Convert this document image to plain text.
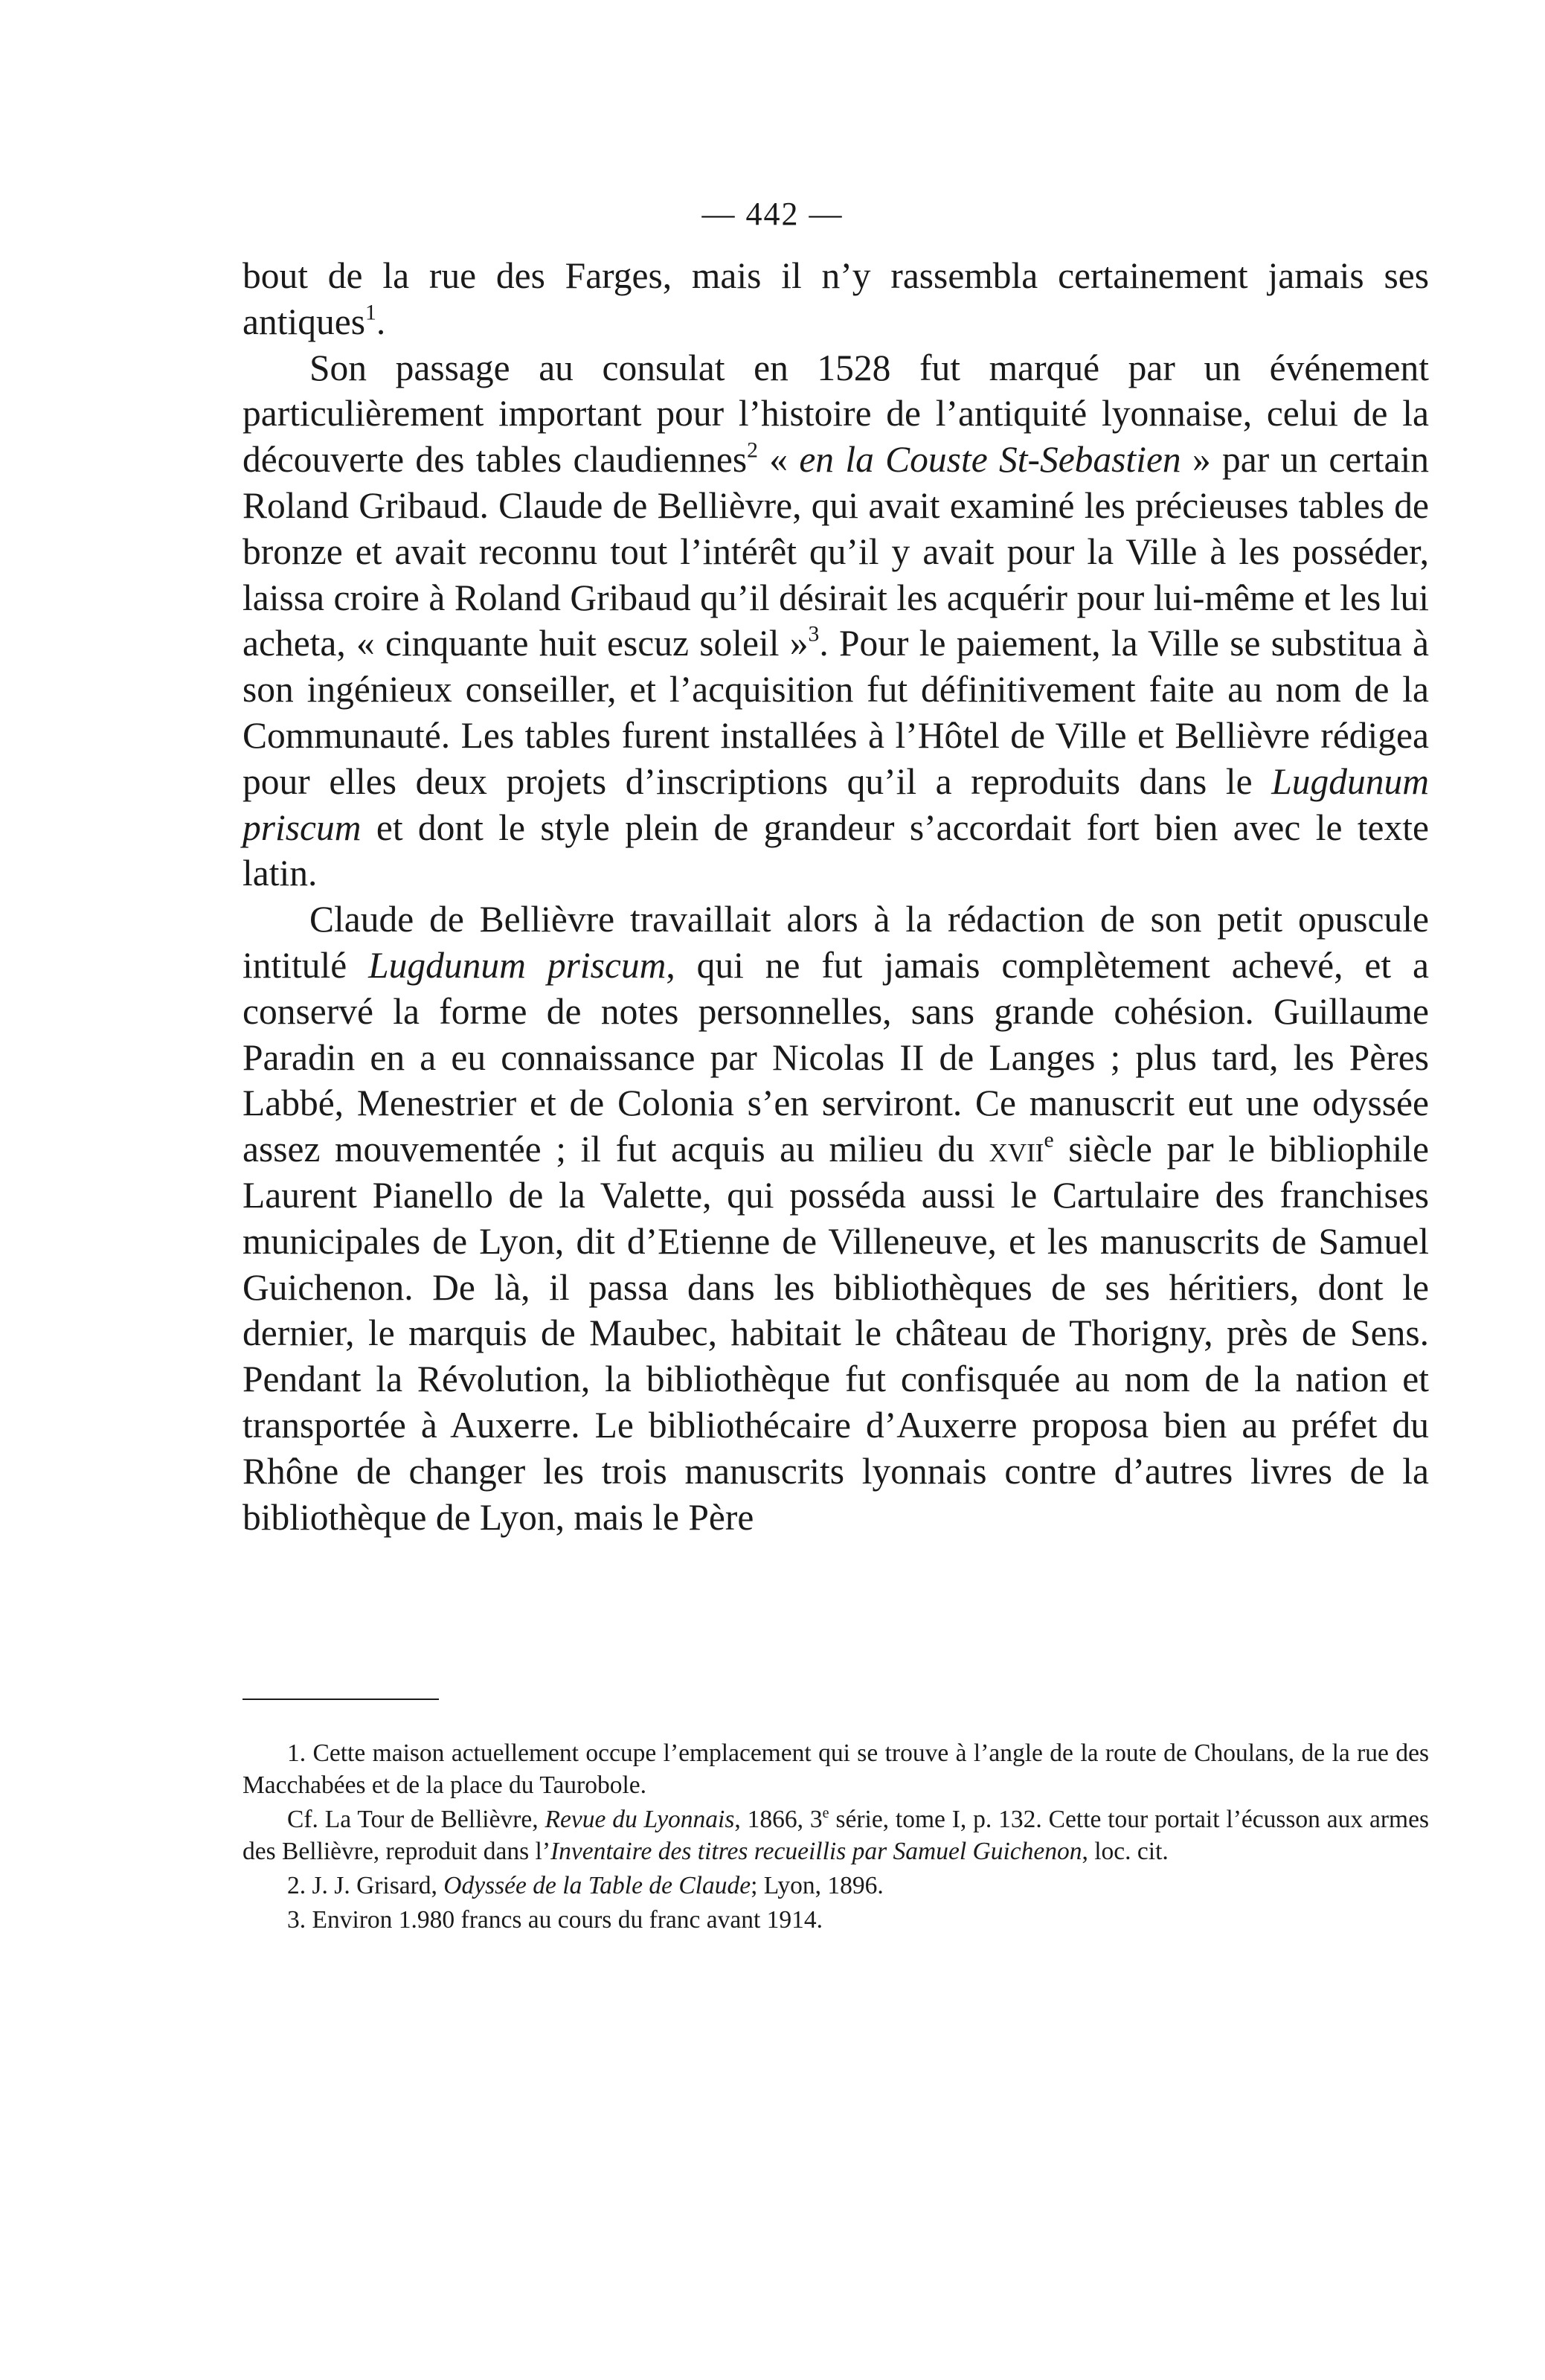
— 442 —

bout de la rue des Farges, mais il n’y rassembla certainement jamais ses antiques$^1$.

Son passage au consulat en 1528 fut marqué par un événement particulièrement important pour l’histoire de l’antiquité lyonnaise, celui de la découverte des tables claudiennes$^2$ « en la Couste St-Sebastien » par un certain Roland Gribaud. Claude de Bellièvre, qui avait examiné les précieuses tables de bronze et avait reconnu tout l’intérêt qu’il y avait pour la Ville à les posséder, laissa croire à Roland Gribaud qu’il désirait les acquérir pour lui-même et les lui acheta, « cinquante huit escuz soleil »$^3$. Pour le paiement, la Ville se substitua à son ingénieux conseiller, et l’acquisition fut définitivement faite au nom de la Communauté. Les tables furent installées à l’Hôtel de Ville et Bellièvre rédigea pour elles deux projets d’inscriptions qu’il a reproduits dans le Lugdunum priscum et dont le style plein de grandeur s’accordait fort bien avec le texte latin.

Claude de Bellièvre travaillait alors à la rédaction de son petit opuscule intitulé Lugdunum priscum, qui ne fut jamais complètement achevé, et a conservé la forme de notes personnelles, sans grande cohésion. Guillaume Paradin en a eu connaissance par Nicolas II de Langes ; plus tard, les Pères Labbé, Menestrier et de Colonia s’en serviront. Ce manuscrit eut une odyssée assez mouvementée ; il fut acquis au milieu du xvii$^e$ siècle par le bibliophile Laurent Pianello de la Valette, qui posséda aussi le Cartulaire des franchises municipales de Lyon, dit d’Etienne de Villeneuve, et les manuscrits de Samuel Guichenon. De là, il passa dans les bibliothèques de ses héritiers, dont le dernier, le marquis de Maubec, habitait le château de Thorigny, près de Sens. Pendant la Révolution, la bibliothèque fut confisquée au nom de la nation et transportée à Auxerre. Le bibliothécaire d’Auxerre proposa bien au préfet du Rhône de changer les trois manuscrits lyonnais contre d’autres livres de la bibliothèque de Lyon, mais le Père

1. Cette maison actuellement occupe l’emplacement qui se trouve à l’angle de la route de Choulans, de la rue des Macchabées et de la place du Taurobole.

Cf. La Tour de Bellièvre, Revue du Lyonnais, 1866, 3e série, tome I, p. 132. Cette tour portait l’écusson aux armes des Bellièvre, reproduit dans l’Inventaire des titres recueillis par Samuel Guichenon, loc. cit.

2. J. J. Grisard, Odyssée de la Table de Claude; Lyon, 1896.

3. Environ 1.980 francs au cours du franc avant 1914.
